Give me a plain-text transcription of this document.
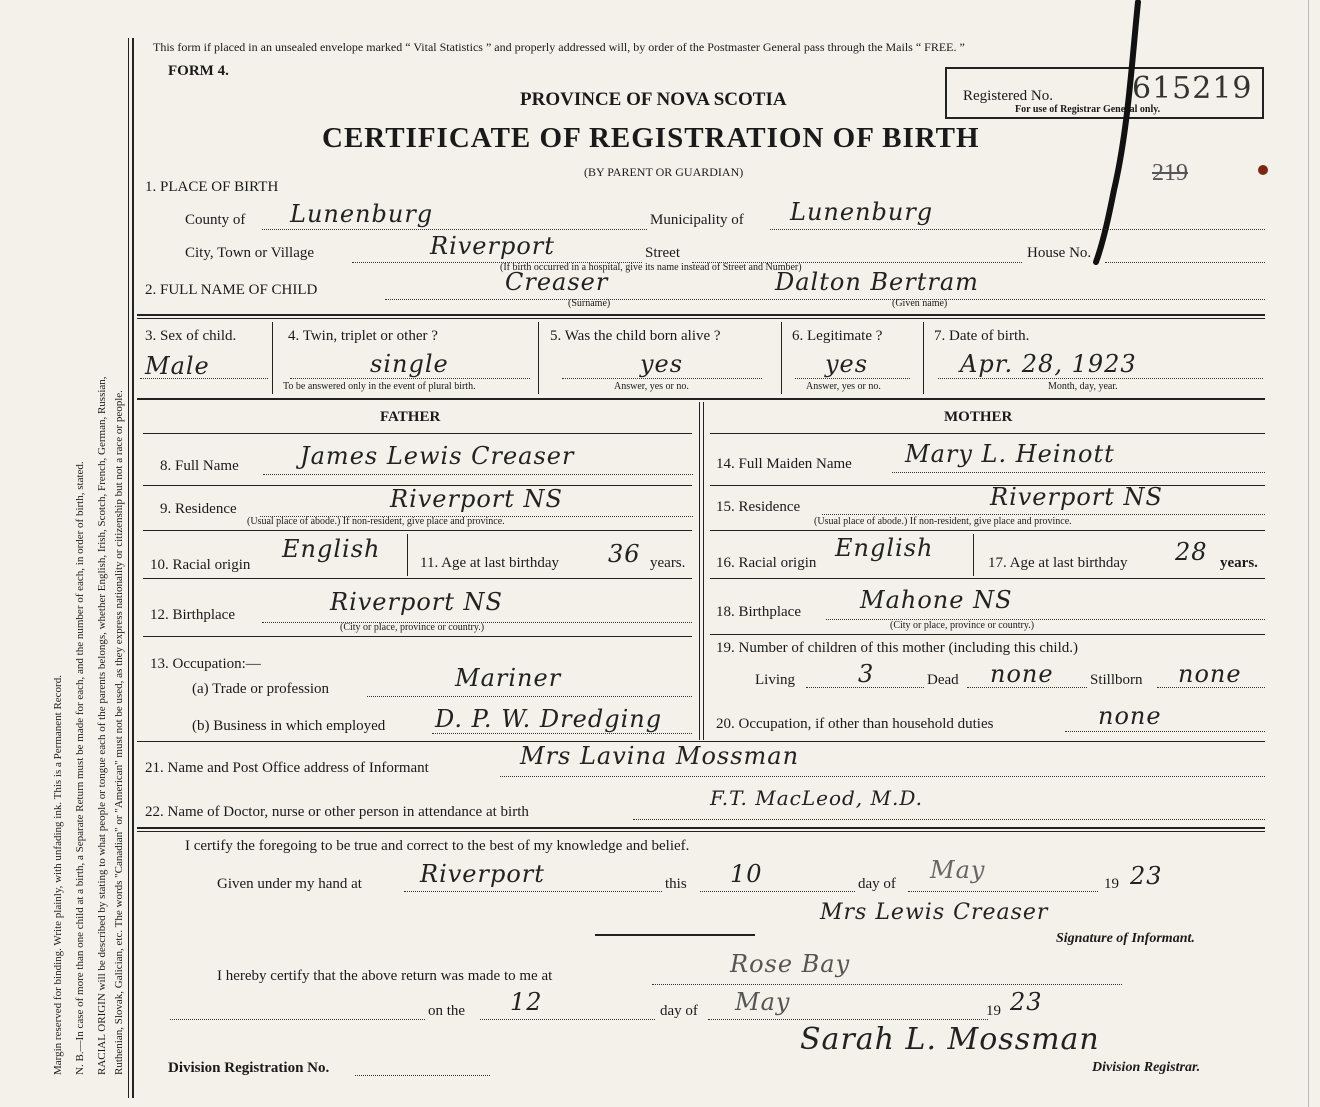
Margin reserved for binding. Write plainly, with unfading ink. This is a Permanent Record. N. B.—In case of more than one child at a birth, a Separate Return must be made for each, and the number of each, in order of birth, stated. RACIAL ORIGIN will be described by stating to what people or tongue each of the parents belongs, whether English, Irish, Scotch, French, German, Russian, Ruthenian, Slovak, Galician, etc. The words "Canadian" or "American" must not be used, as they express nationality or citizenship but not a race or people.
This form if placed in an unsealed envelope marked “ Vital Statistics ” and properly addressed will, by order of the Postmaster General pass through the Mails “ FREE. ”
FORM 4.
PROVINCE OF NOVA SCOTIA
CERTIFICATE OF REGISTRATION OF BIRTH
(BY PARENT OR GUARDIAN)
Registered No.	615219
For use of Registrar General only.
219
1. PLACE OF BIRTH
County of Lunenburg	Municipality of Lunenburg
City, Town or Village	Riverport	Street	House No.
(If birth occurred in a hospital, give its name instead of Street and Number)
2. FULL NAME OF CHILD	Creaser
(Surname)
Dalton Bertram
(Given name)
3. Sex of child.
Male
4. Twin, triplet or other ?
single
To be answered only in the event of plural birth.
5. Was the child born alive ?
yes
Answer, yes or no.
6. Legitimate ?
yes
Answer, yes or no.
7. Date of birth.
Apr. 28, 1923
Month, day, year.
FATHER	MOTHER
8. Full Name	James Lewis Creaser
9. Residence	Riverport NS
(Usual place of abode.) If non-resident, give place and province.
10. Racial origin
English	11. Age at last birthday 36 years.
12. Birthplace	Riverport NS
(City or place, province or country.)
13. Occupation:—
(a) Trade or profession	Mariner
(b) Business in which employed D. P. W. Dredging
14. Full Maiden Name Mary L. Heinott
15. Residence	Riverport NS
(Usual place of abode.) If non-resident, give place and province.
16. Racial origin
English
17. Age at last birthday 28 years.
18. Birthplace Mahone NS
(City or place, province or country.)
19. Number of children of this mother (including this child.)
Living	3	Dead none Stillborn none
20. Occupation, if other than household duties	none
21. Name and Post Office address of Informant	Mrs Lavina Mossman
22. Name of Doctor, nurse or other person in attendance at birth
F.T. MacLeod, M.D.
I certify the foregoing to be true and correct to the best of my knowledge and belief.
Given under my hand at Riverport	this 10	day of May	19 23
Mrs Lewis Creaser
Signature of Informant.
I hereby certify that the above return was made to me at	Rose Bay
on the 12	day of May	19 23
Sarah L. Mossman
Division Registration No.	Division Registrar.
